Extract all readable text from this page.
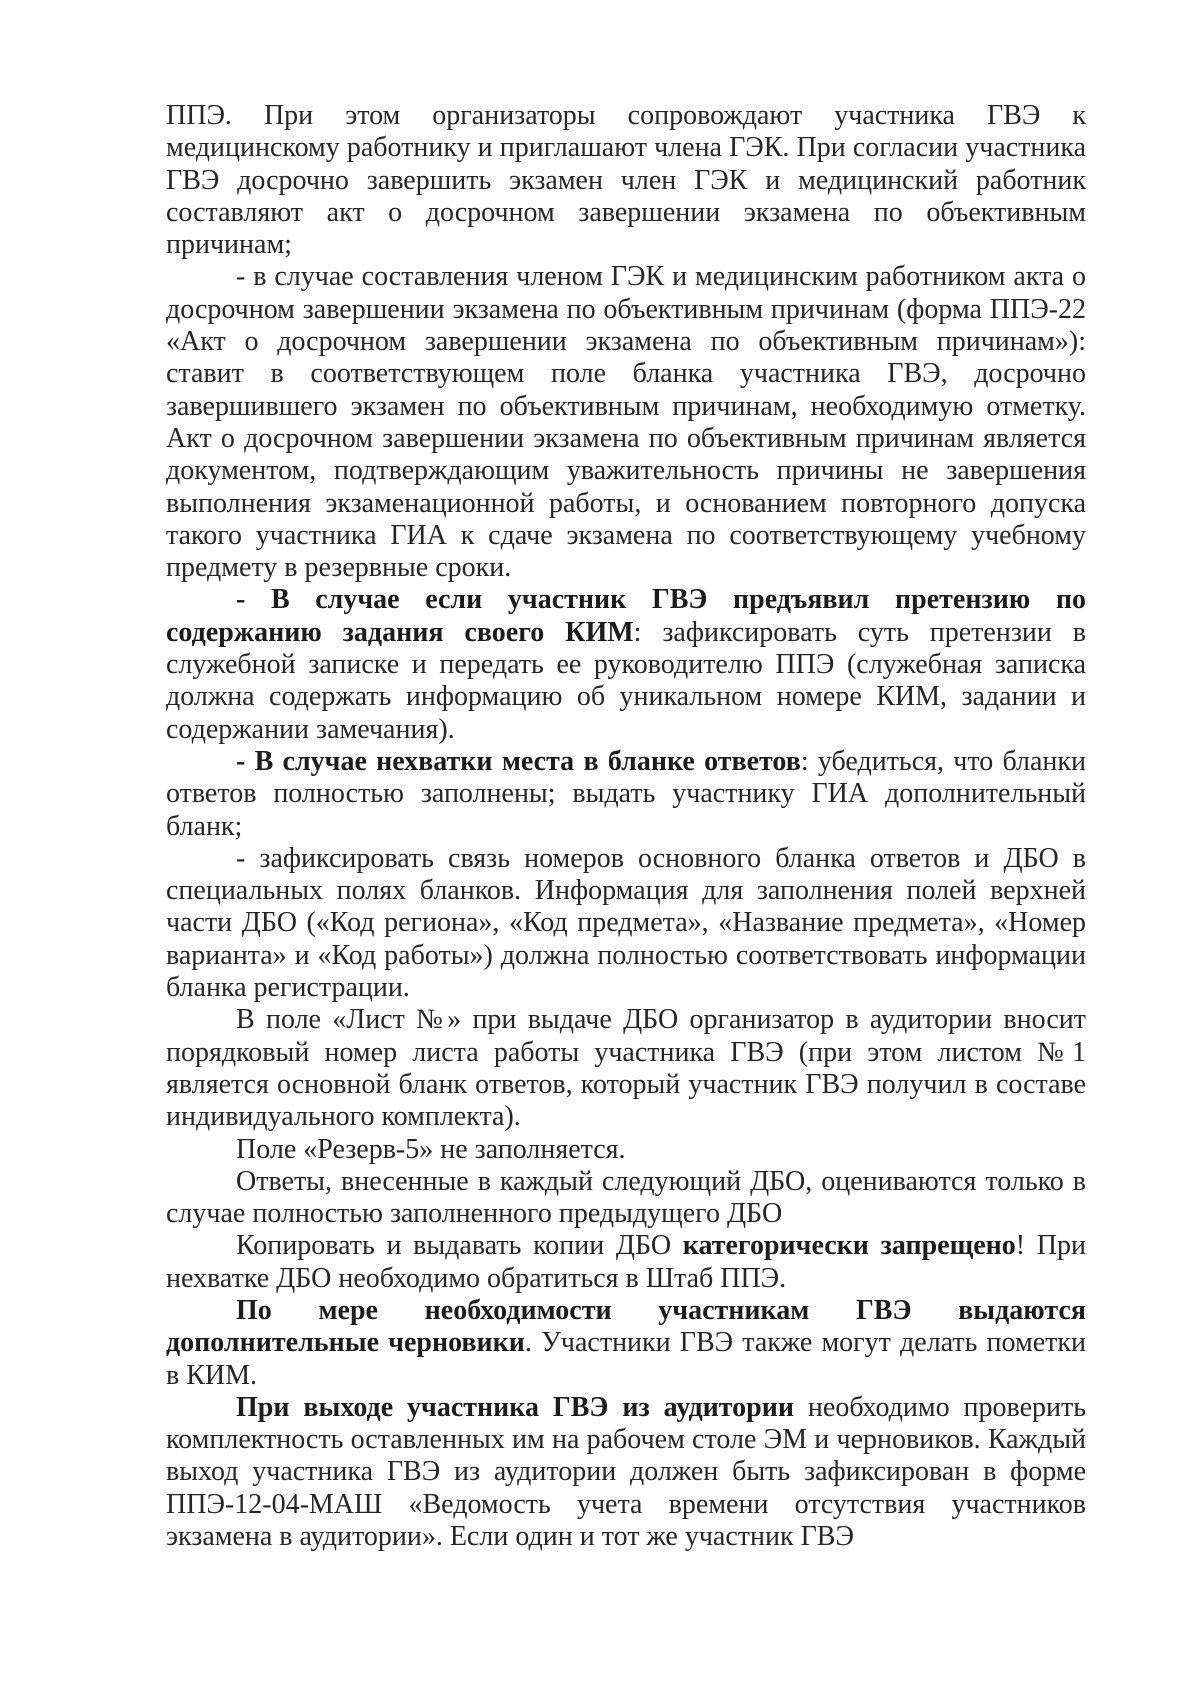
ППЭ. При этом организаторы сопровождают участника ГВЭ к медицинскому работнику и приглашают члена ГЭК. При согласии участника ГВЭ досрочно завершить экзамен член ГЭК и медицинский работник составляют акт о досрочном завершении экзамена по объективным причинам;

- в случае составления членом ГЭК и медицинским работником акта о досрочном завершении экзамена по объективным причинам (форма ППЭ-22 «Акт о досрочном завершении экзамена по объективным причинам»): ставит в соответствующем поле бланка участника ГВЭ, досрочно завершившего экзамен по объективным причинам, необходимую отметку. Акт о досрочном завершении экзамена по объективным причинам является документом, подтверждающим уважительность причины не завершения выполнения экзаменационной работы, и основанием повторного допуска такого участника ГИА к сдаче экзамена по соответствующему учебному предмету в резервные сроки.

- В случае если участник ГВЭ предъявил претензию по содержанию задания своего КИМ: зафиксировать суть претензии в служебной записке и передать ее руководителю ППЭ (служебная записка должна содержать информацию об уникальном номере КИМ, задании и содержании замечания).

- В случае нехватки места в бланке ответов: убедиться, что бланки ответов полностью заполнены; выдать участнику ГИА дополнительный бланк;

- зафиксировать связь номеров основного бланка ответов и ДБО в специальных полях бланков. Информация для заполнения полей верхней части ДБО («Код региона», «Код предмета», «Название предмета», «Номер варианта» и «Код работы») должна полностью соответствовать информации бланка регистрации.

В поле «Лист №» при выдаче ДБО организатор в аудитории вносит порядковый номер листа работы участника ГВЭ (при этом листом №1 является основной бланк ответов, который участник ГВЭ получил в составе индивидуального комплекта).

Поле «Резерв-5» не заполняется.

Ответы, внесенные в каждый следующий ДБО, оцениваются только в случае полностью заполненного предыдущего ДБО

Копировать и выдавать копии ДБО категорически запрещено! При нехватке ДБО необходимо обратиться в Штаб ППЭ.

По мере необходимости участникам ГВЭ выдаются дополнительные черновики. Участники ГВЭ также могут делать пометки в КИМ.

При выходе участника ГВЭ из аудитории необходимо проверить комплектность оставленных им на рабочем столе ЭМ и черновиков. Каждый выход участника ГВЭ из аудитории должен быть зафиксирован в форме ППЭ-12-04-МАШ «Ведомость учета времени отсутствия участников экзамена в аудитории». Если один и тот же участник ГВЭ
